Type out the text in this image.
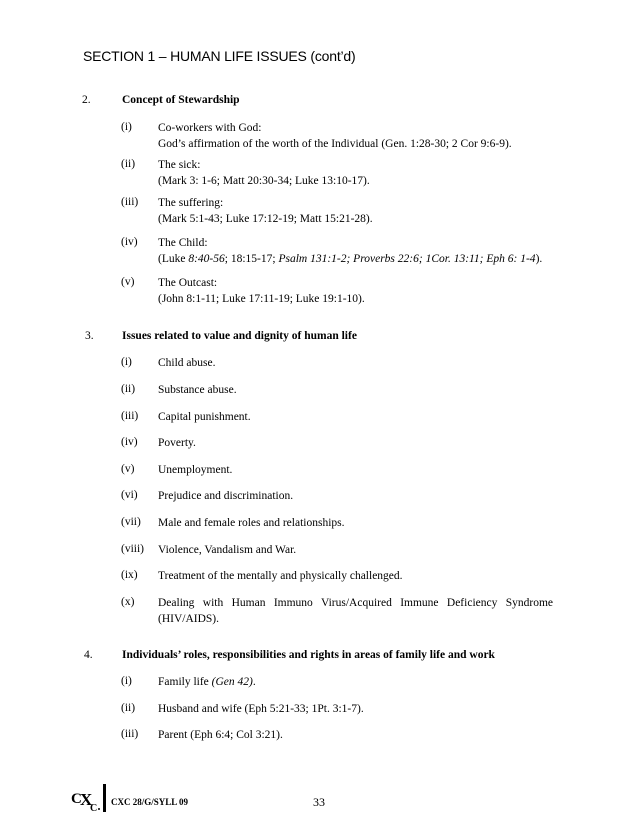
SECTION 1 – HUMAN LIFE ISSUES (cont’d)
2.	Concept of Stewardship
(i) Co-workers with God:
God’s affirmation of the worth of the Individual (Gen. 1:28-30; 2 Cor 9:6-9).
(ii) The sick:
(Mark 3: 1-6; Matt 20:30-34; Luke 13:10-17).
(iii) The suffering:
(Mark 5:1-43; Luke 17:12-19; Matt 15:21-28).
(iv) The Child:
(Luke 8:40-56; 18:15-17; Psalm 131:1-2; Proverbs 22:6; 1Cor. 13:11; Eph 6: 1-4).
(v) The Outcast:
(John 8:1-11; Luke 17:11-19; Luke 19:1-10).
3. Issues related to value and dignity of human life
(i) Child abuse.
(ii) Substance abuse.
(iii) Capital punishment.
(iv) Poverty.
(v) Unemployment.
(vi) Prejudice and discrimination.
(vii) Male and female roles and relationships.
(viii) Violence, Vandalism and War.
(ix) Treatment of the mentally and physically challenged.
(x) Dealing with Human Immuno Virus/Acquired Immune Deficiency Syndrome
(HIV/AIDS).
4.	Individuals’ roles, responsibilities and rights in areas of family life and work
(i) Family life (Gen 42).
(ii) Husband and wife (Eph 5:21-33; 1Pt. 3:1-7).
(iii) Parent (Eph 6:4; Col 3:21).
C
X
C
CXC 28/G/SYLL 09	33
